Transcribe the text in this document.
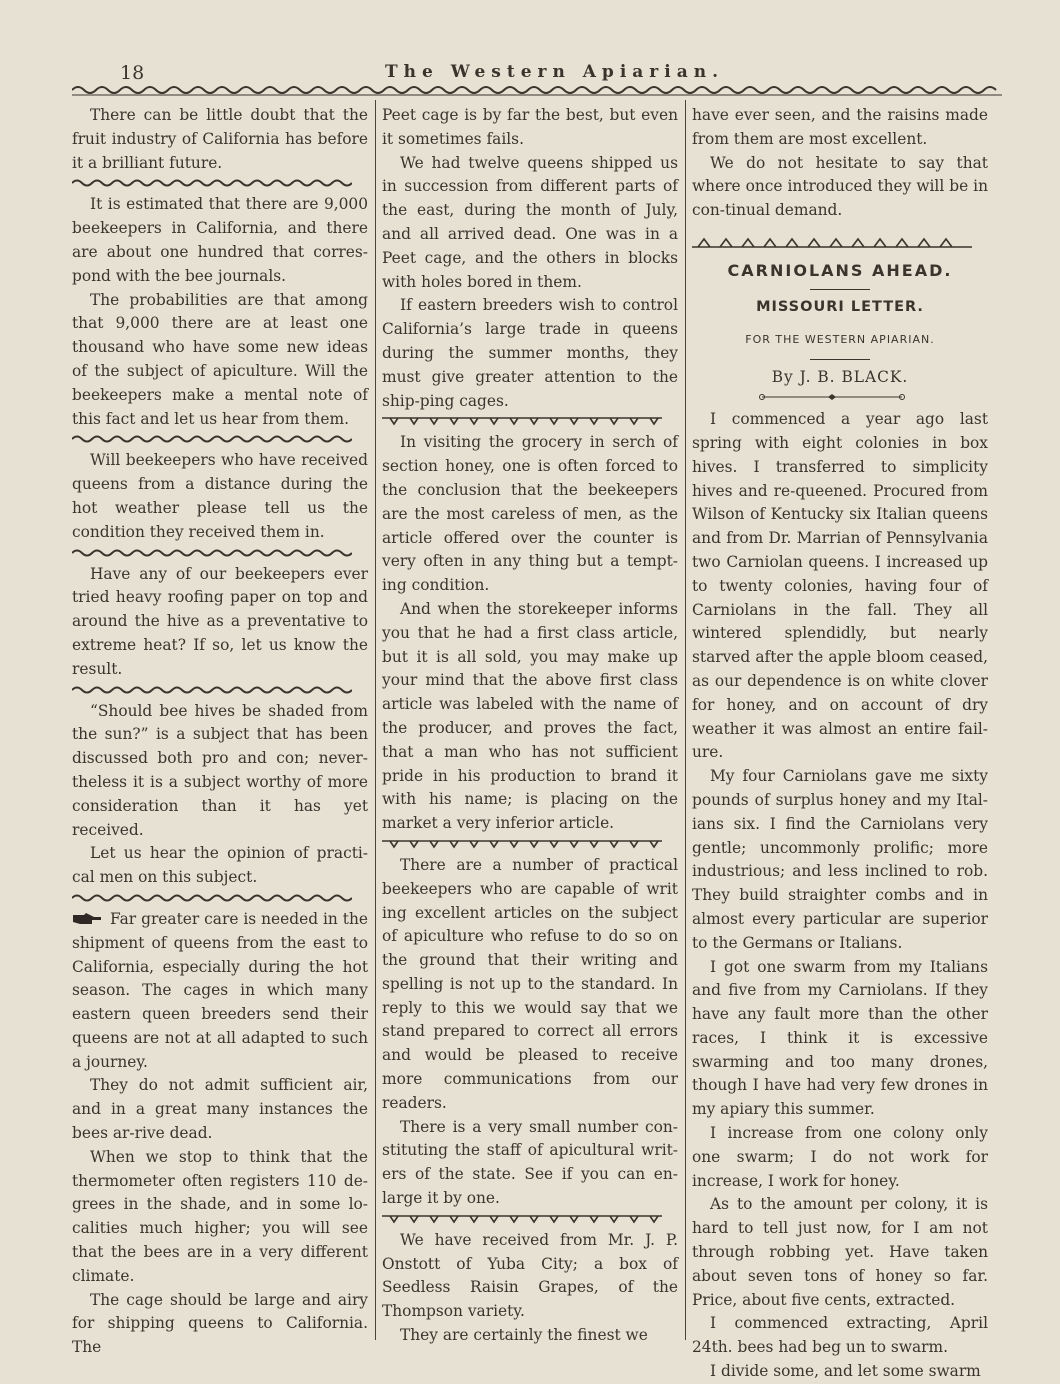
18	The Western Apiarian.

There can be little doubt that the fruit industry of California has before it a brilliant future.

It is estimated that there are 9,000 beekeepers in California, and there are about one hundred that corres-pond with the bee journals.

The probabilities are that among that 9,000 there are at least one thousand who have some new ideas of the subject of apiculture. Will the beekeepers make a mental note of this fact and let us hear from them.

Will beekeepers who have received queens from a distance during the hot weather please tell us the condition they received them in.

Have any of our beekeepers ever tried heavy roofing paper on top and around the hive as a preventative to extreme heat? If so, let us know the result.

“Should bee hives be shaded from the sun?” is a subject that has been discussed both pro and con; never-theless it is a subject worthy of more consideration than it has yet received.

Let us hear the opinion of practi-cal men on this subject.

Far greater care is needed in the shipment of queens from the east to California, especially during the hot season. The cages in which many eastern queen breeders send their queens are not at all adapted to such a journey.

They do not admit sufficient air, and in a great many instances the bees ar-rive dead.

When we stop to think that the thermometer often registers 110 de-grees in the shade, and in some lo-calities much higher; you will see that the bees are in a very different climate.

The cage should be large and airy for shipping queens to California. The

Peet cage is by far the best, but even it sometimes fails.

We had twelve queens shipped us in succession from different parts of the east, during the month of July, and all arrived dead. One was in a Peet cage, and the others in blocks with holes bored in them.

If eastern breeders wish to control California’s large trade in queens during the summer months, they must give greater attention to the ship-ping cages.

In visiting the grocery in serch of section honey, one is often forced to the conclusion that the beekeepers are the most careless of men, as the article offered over the counter is very often in any thing but a tempt-ing condition.

And when the storekeeper informs you that he had a first class article, but it is all sold, you may make up your mind that the above first class article was labeled with the name of the producer, and proves the fact, that a man who has not sufficient pride in his production to brand it with his name; is placing on the market a very inferior article.

There are a number of practical beekeepers who are capable of writ ing excellent articles on the subject of apiculture who refuse to do so on the ground that their writing and spelling is not up to the standard. In reply to this we would say that we stand prepared to correct all errors and would be pleased to receive more communications from our readers.

There is a very small number con-stituting the staff of apicultural writ-ers of the state. See if you can en-large it by one.

We have received from Mr. J. P. Onstott of Yuba City; a box of Seedless Raisin Grapes, of the Thompson variety.

They are certainly the finest we

have ever seen, and the raisins made from them are most excellent.

We do not hesitate to say that where once introduced they will be in con-tinual demand.

CARNIOLANS AHEAD.
MISSOURI LETTER.
FOR THE WESTERN APIARIAN.
By J. B. BLACK.

I commenced a year ago last spring with eight colonies in box hives. I transferred to simplicity hives and re-queened. Procured from Wilson of Kentucky six Italian queens and from Dr. Marrian of Pennsylvania two Carniolan queens. I increased up to twenty colonies, having four of Carniolans in the fall. They all wintered splendidly, but nearly starved after the apple bloom ceased, as our dependence is on white clover for honey, and on account of dry weather it was almost an entire fail-ure.

My four Carniolans gave me sixty pounds of surplus honey and my Ital-ians six. I find the Carniolans very gentle; uncommonly prolific; more industrious; and less inclined to rob. They build straighter combs and in almost every particular are superior to the Germans or Italians.

I got one swarm from my Italians and five from my Carniolans. If they have any fault more than the other races, I think it is excessive swarming and too many drones, though I have had very few drones in my apiary this summer.

I increase from one colony only one swarm; I do not work for increase, I work for honey.

As to the amount per colony, it is hard to tell just now, for I am not through robbing yet. Have taken about seven tons of honey so far. Price, about five cents, extracted.

I commenced extracting, April 24th. bees had beg un to swarm.

I divide some, and let some swarm
